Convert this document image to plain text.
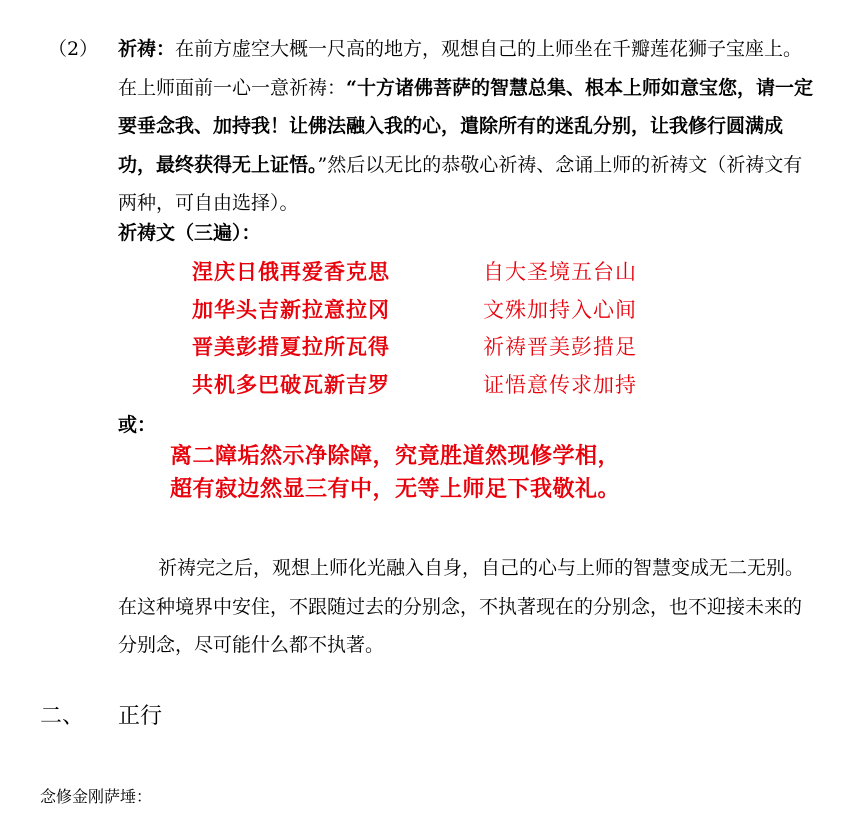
（2） 祈祷：在前方虚空大概一尺高的地方，观想自己的上师坐在千瓣莲花狮子宝座上。在上师面前一心一意祈祷：“十方诸佛菩萨的智慧总集、根本上师如意宝您，请一定要垂念我、加持我！让佛法融入我的心，遣除所有的迷乱分别，让我修行圆满成功，最终获得无上证悟。”然后以无比的恭敬心祈祷、念诵上师的祈祷文（祈祷文有两种，可自由选择）。
祈祷文（三遍）：
涅庆日俄再爱香克思
加华头吉新拉意拉冈
晋美彭措夏拉所瓦得
共机多巴破瓦新吉罗
自大圣境五台山
文殊加持入心间
祈祷晋美彭措足
证悟意传求加持
或：
离二障垢然示净除障，究竟胜道然现修学相，
超有寂边然显三有中，无等上师足下我敬礼。
祈祷完之后，观想上师化光融入自身，自己的心与上师的智慧变成无二无别。在这种境界中安住，不跟随过去的分别念，不执著现在的分别念，也不迎接未来的分别念，尽可能什么都不执著。
二、 正行
念修金刚萨埵：
